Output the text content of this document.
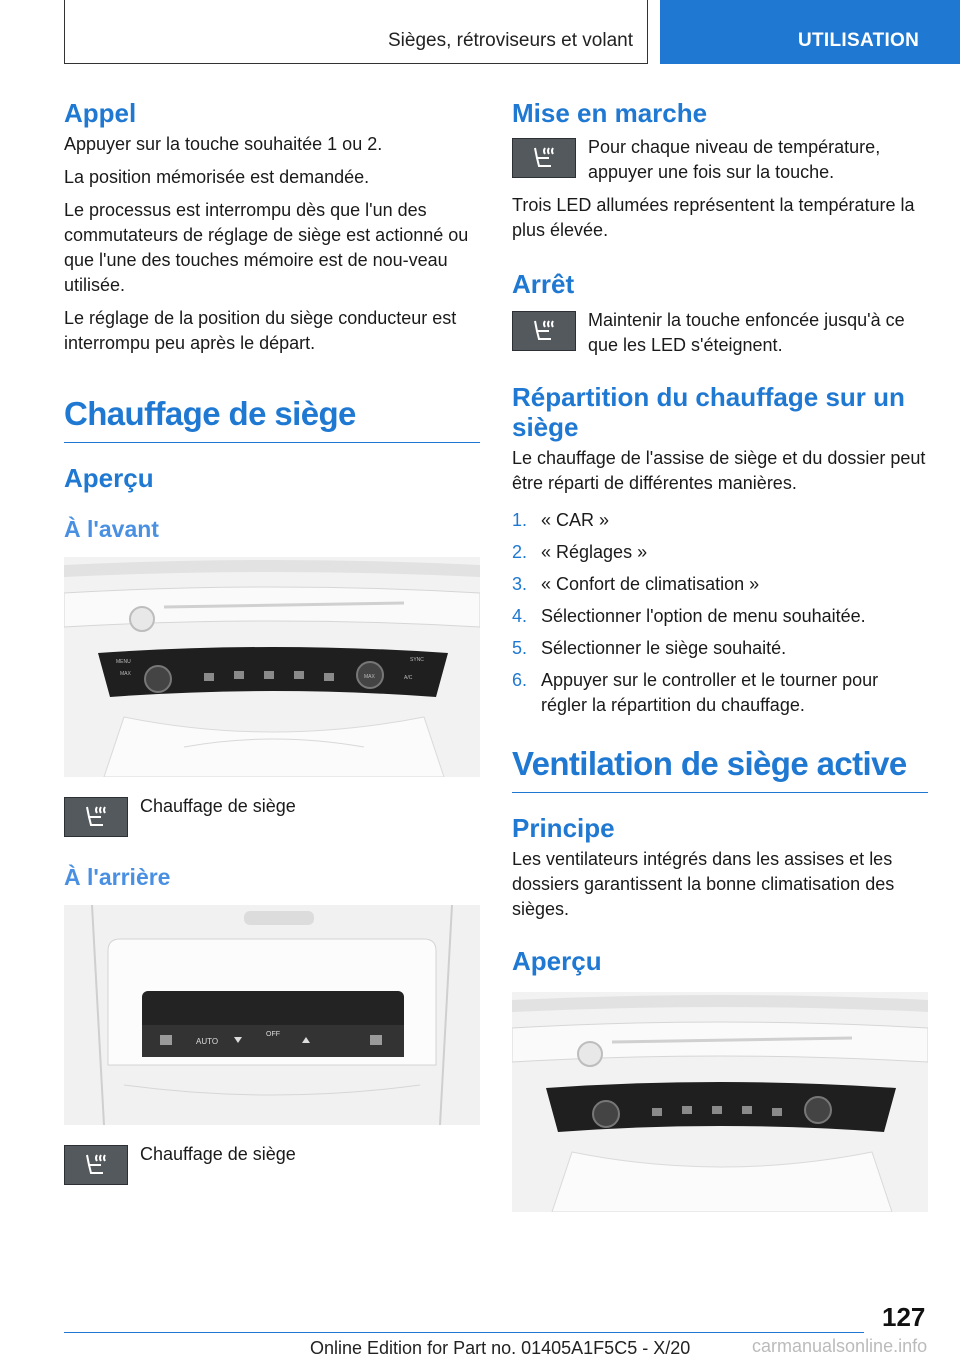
Sièges, rétroviseurs et volant	UTILISATION
Appel

Appuyer sur la touche souhaitée 1 ou 2.

La position mémorisée est demandée.

Le processus est interrompu dès que l'un des commutateurs de réglage de siège est actionné ou que l'une des touches mémoire est de nou-veau utilisée.

Le réglage de la position du siège conducteur est interrompu peu après le départ.

Chauffage de siège
Aperçu
À l'avant
MENU
MAX
SYNC
MAX	A/C

Chauffage de siège

À l'arrière
AUTO
OFF

Chauffage de siège

Mise en marche

Pour chaque niveau de température, appuyer une fois sur la touche.

Trois LED allumées représentent la température la plus élevée.

Arrêt

Maintenir la touche enfoncée jusqu'à ce que les LED s'éteignent.

Répartition du chauffage sur un siège

Le chauffage de l'assise de siège et du dossier peut être réparti de différentes manières.

1. « CAR »
2. « Réglages »
3. « Confort de climatisation »
4. Sélectionner l'option de menu souhaitée.
5. Sélectionner le siège souhaité.
6. Appuyer sur le controller et le tourner pour régler la répartition du chauffage.
Ventilation de siège active
Principe

Les ventilateurs intégrés dans les assises et les dossiers garantissent la bonne climatisation des sièges.

Aperçu
127
Online Edition for Part no. 01405A1F5C5 - X/20	carmanualsonline.info
